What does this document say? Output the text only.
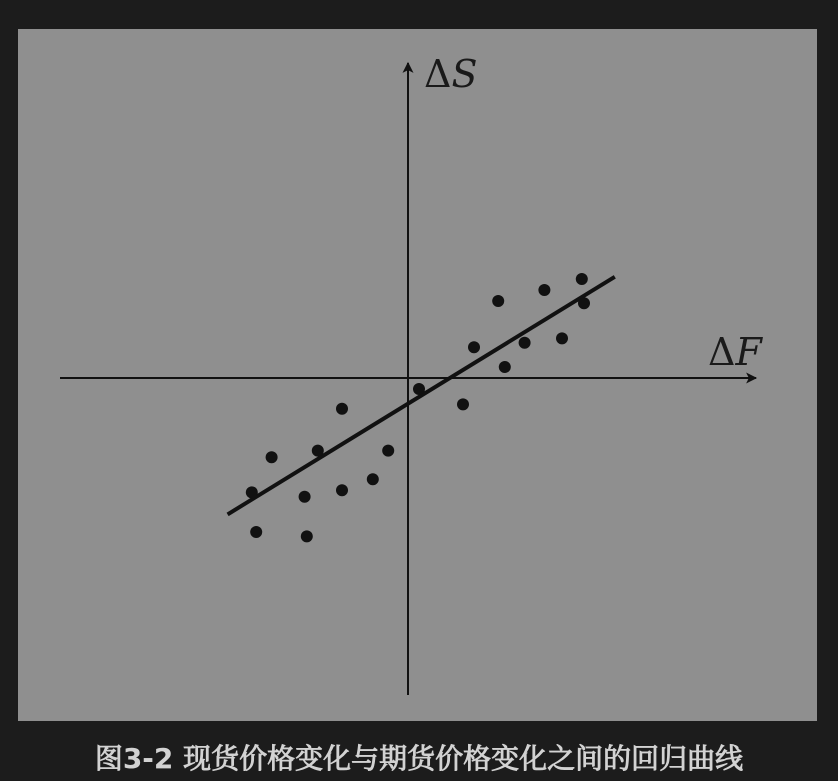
ΔS
ΔF
图3-2 现货价格变化与期货价格变化之间的回归曲线
